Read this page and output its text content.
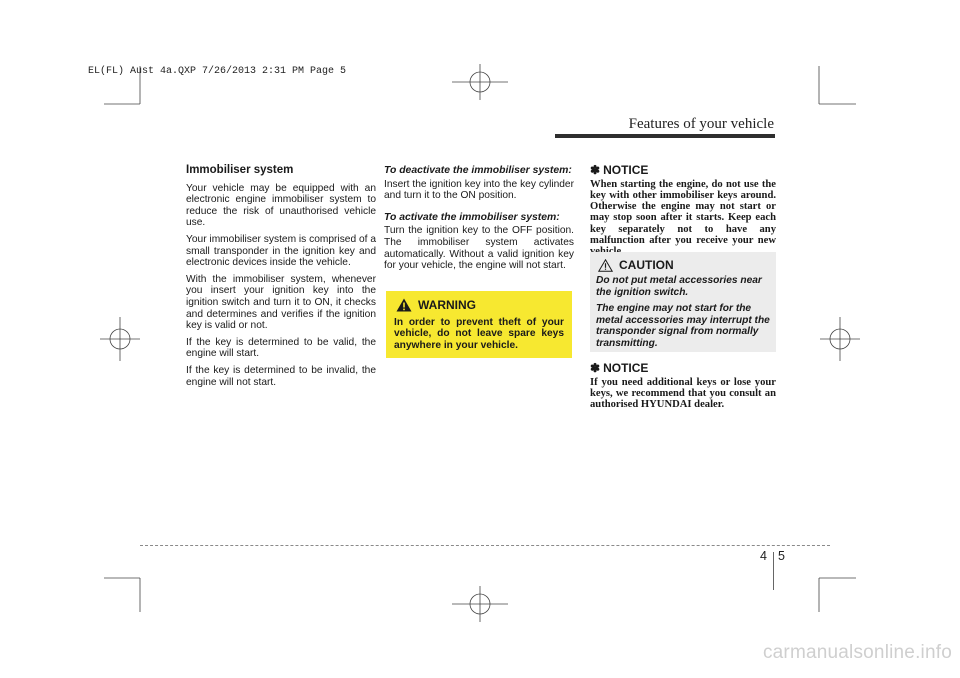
EL(FL) Aust 4a.QXP 7/26/2013 2:31 PM Page 5
Features of your vehicle
Immobiliser system

Your vehicle may be equipped with an electronic engine immobiliser system to reduce the risk of unauthorised vehicle use.

Your immobiliser system is comprised of a small transponder in the ignition key and electronic devices inside the vehicle.

With the immobiliser system, whenever you insert your ignition key into the ignition switch and turn it to ON, it checks and determines and verifies if the ignition key is valid or not.

If the key is determined to be valid, the engine will start.

If the key is determined to be invalid, the engine will not start.

To deactivate the immobiliser system:

Insert the ignition key into the key cylinder and turn it to the ON position.

To activate the immobiliser system:

Turn the ignition key to the OFF position. The immobiliser system activates automatically. Without a valid ignition key for your vehicle, the engine will not start.

WARNING
In order to prevent theft of your vehicle, do not leave spare keys anywhere in your vehicle.
✽ NOTICE

When starting the engine, do not use the key with other immobiliser keys around. Otherwise the engine may not start or may stop soon after it starts. Keep each key separately not to have any malfunction after you receive your new

CAUTION

Do not put metal accessories near the ignition switch.

The engine may not start for the metal accessories may interrupt the transponder signal from normally transmitting.

✽ NOTICE

If you need additional keys or lose your keys, we recommend that you consult an authorised HYUNDAI dealer.

4 5
carmanualsonline.info
